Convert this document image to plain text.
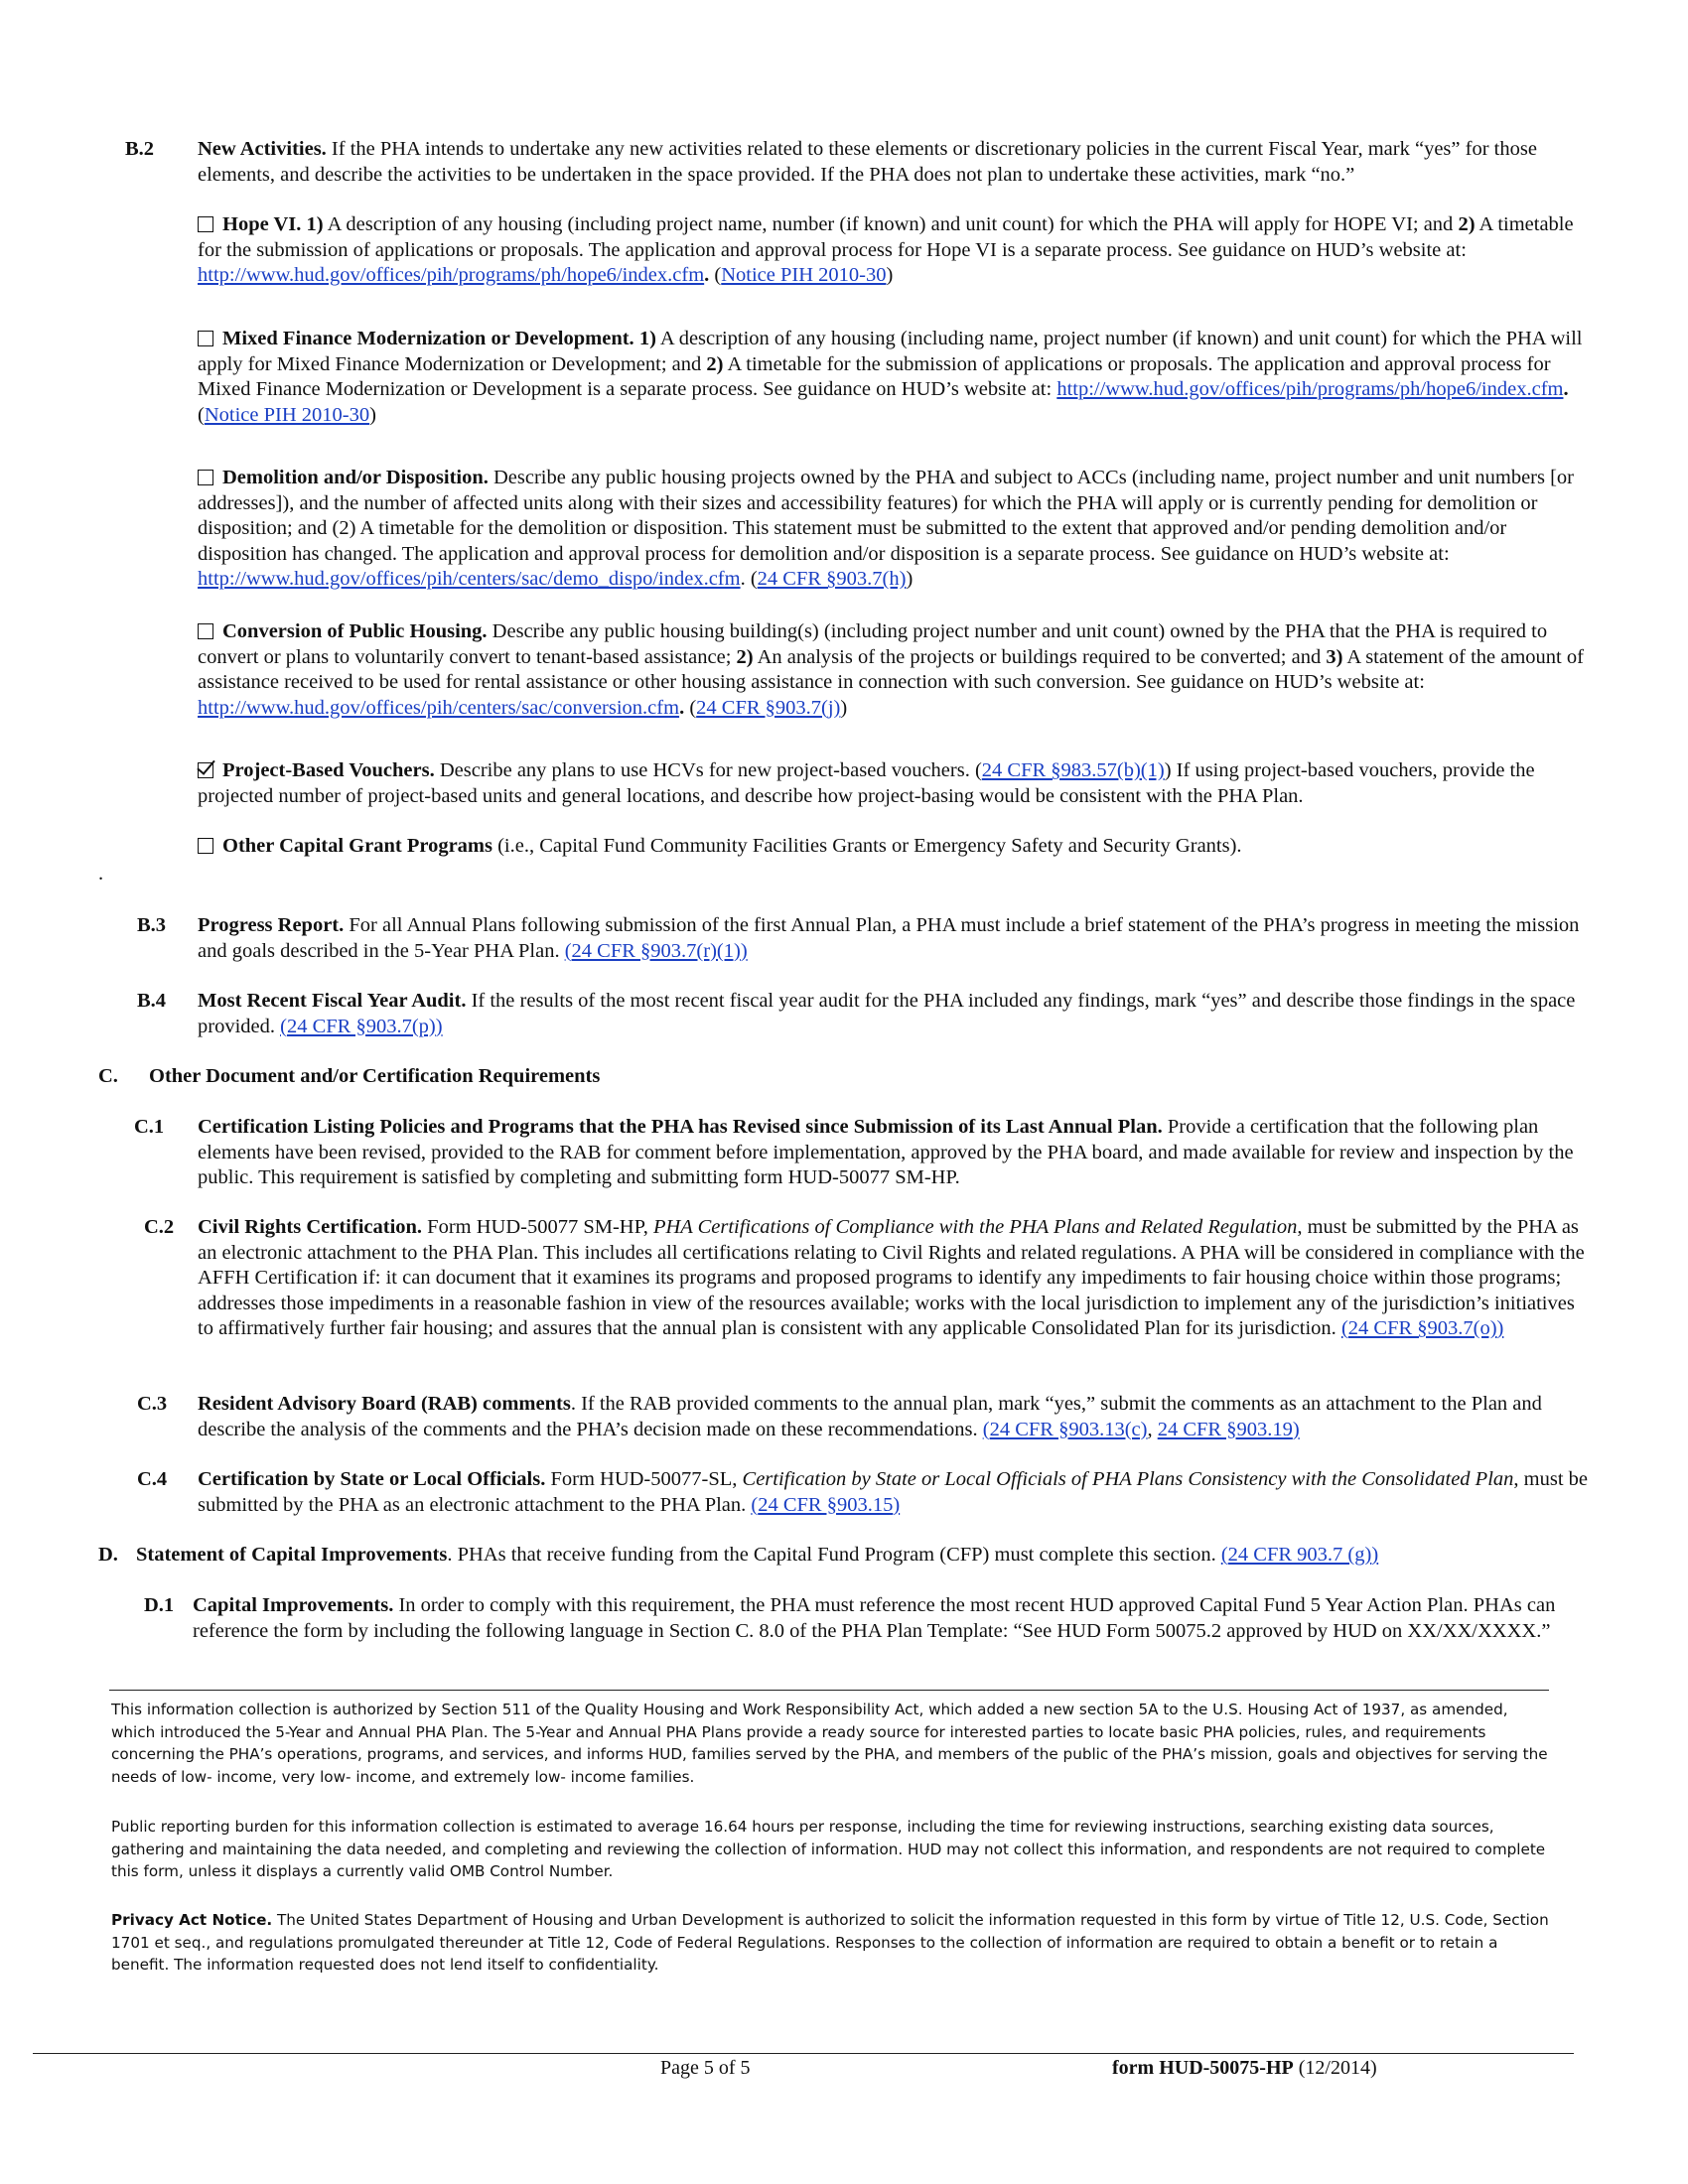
B.2 New Activities. If the PHA intends to undertake any new activities related to these elements or discretionary policies in the current Fiscal Year, mark “yes” for those elements, and describe the activities to be undertaken in the space provided. If the PHA does not plan to undertake these activities, mark “no.”
Hope VI. 1) A description of any housing (including project name, number (if known) and unit count) for which the PHA will apply for HOPE VI; and 2) A timetable for the submission of applications or proposals. The application and approval process for Hope VI is a separate process. See guidance on HUD’s website at: http://www.hud.gov/offices/pih/programs/ph/hope6/index.cfm. (Notice PIH 2010-30)
Mixed Finance Modernization or Development. 1) A description of any housing (including name, project number (if known) and unit count) for which the PHA will apply for Mixed Finance Modernization or Development; and 2) A timetable for the submission of applications or proposals. The application and approval process for Mixed Finance Modernization or Development is a separate process. See guidance on HUD’s website at: http://www.hud.gov/offices/pih/programs/ph/hope6/index.cfm. (Notice PIH 2010-30)
Demolition and/or Disposition. Describe any public housing projects owned by the PHA and subject to ACCs (including name, project number and unit numbers [or addresses]), and the number of affected units along with their sizes and accessibility features) for which the PHA will apply or is currently pending for demolition or disposition; and (2) A timetable for the demolition or disposition. This statement must be submitted to the extent that approved and/or pending demolition and/or disposition has changed. The application and approval process for demolition and/or disposition is a separate process. See guidance on HUD’s website at: http://www.hud.gov/offices/pih/centers/sac/demo_dispo/index.cfm. (24 CFR §903.7(h))
Conversion of Public Housing. Describe any public housing building(s) (including project number and unit count) owned by the PHA that the PHA is required to convert or plans to voluntarily convert to tenant-based assistance; 2) An analysis of the projects or buildings required to be converted; and 3) A statement of the amount of assistance received to be used for rental assistance or other housing assistance in connection with such conversion. See guidance on HUD’s website at: http://www.hud.gov/offices/pih/centers/sac/conversion.cfm. (24 CFR §903.7(j))
Project-Based Vouchers. Describe any plans to use HCVs for new project-based vouchers. (24 CFR §983.57(b)(1)) If using project-based vouchers, provide the projected number of project-based units and general locations, and describe how project-basing would be consistent with the PHA Plan.
Other Capital Grant Programs (i.e., Capital Fund Community Facilities Grants or Emergency Safety and Security Grants).
.
B.3 Progress Report. For all Annual Plans following submission of the first Annual Plan, a PHA must include a brief statement of the PHA’s progress in meeting the mission and goals described in the 5-Year PHA Plan. (24 CFR §903.7(r)(1))
B.4 Most Recent Fiscal Year Audit. If the results of the most recent fiscal year audit for the PHA included any findings, mark “yes” and describe those findings in the space provided. (24 CFR §903.7(p))
C. Other Document and/or Certification Requirements
C.1 Certification Listing Policies and Programs that the PHA has Revised since Submission of its Last Annual Plan. Provide a certification that the following plan elements have been revised, provided to the RAB for comment before implementation, approved by the PHA board, and made available for review and inspection by the public. This requirement is satisfied by completing and submitting form HUD-50077 SM-HP.
C.2 Civil Rights Certification. Form HUD-50077 SM-HP, PHA Certifications of Compliance with the PHA Plans and Related Regulation, must be submitted by the PHA as an electronic attachment to the PHA Plan. This includes all certifications relating to Civil Rights and related regulations. A PHA will be considered in compliance with the AFFH Certification if: it can document that it examines its programs and proposed programs to identify any impediments to fair housing choice within those programs; addresses those impediments in a reasonable fashion in view of the resources available; works with the local jurisdiction to implement any of the jurisdiction’s initiatives to affirmatively further fair housing; and assures that the annual plan is consistent with any applicable Consolidated Plan for its jurisdiction. (24 CFR §903.7(o))
C.3 Resident Advisory Board (RAB) comments. If the RAB provided comments to the annual plan, mark “yes,” submit the comments as an attachment to the Plan and describe the analysis of the comments and the PHA’s decision made on these recommendations. (24 CFR §903.13(c), 24 CFR §903.19)
C.4 Certification by State or Local Officials. Form HUD-50077-SL, Certification by State or Local Officials of PHA Plans Consistency with the Consolidated Plan, must be submitted by the PHA as an electronic attachment to the PHA Plan. (24 CFR §903.15)
D. Statement of Capital Improvements. PHAs that receive funding from the Capital Fund Program (CFP) must complete this section. (24 CFR 903.7 (g))
D.1 Capital Improvements. In order to comply with this requirement, the PHA must reference the most recent HUD approved Capital Fund 5 Year Action Plan. PHAs can reference the form by including the following language in Section C. 8.0 of the PHA Plan Template: “See HUD Form 50075.2 approved by HUD on XX/XX/XXXX.”
This information collection is authorized by Section 511 of the Quality Housing and Work Responsibility Act, which added a new section 5A to the U.S. Housing Act of 1937, as amended, which introduced the 5-Year and Annual PHA Plan. The 5-Year and Annual PHA Plans provide a ready source for interested parties to locate basic PHA policies, rules, and requirements concerning the PHA’s operations, programs, and services, and informs HUD, families served by the PHA, and members of the public of the PHA’s mission, goals and objectives for serving the needs of low- income, very low- income, and extremely low- income families.
Public reporting burden for this information collection is estimated to average 16.64 hours per response, including the time for reviewing instructions, searching existing data sources, gathering and maintaining the data needed, and completing and reviewing the collection of information. HUD may not collect this information, and respondents are not required to complete this form, unless it displays a currently valid OMB Control Number.
Privacy Act Notice. The United States Department of Housing and Urban Development is authorized to solicit the information requested in this form by virtue of Title 12, U.S. Code, Section 1701 et seq., and regulations promulgated thereunder at Title 12, Code of Federal Regulations. Responses to the collection of information are required to obtain a benefit or to retain a benefit. The information requested does not lend itself to confidentiality.
Page 5 of 5	form HUD-50075-HP (12/2014)
